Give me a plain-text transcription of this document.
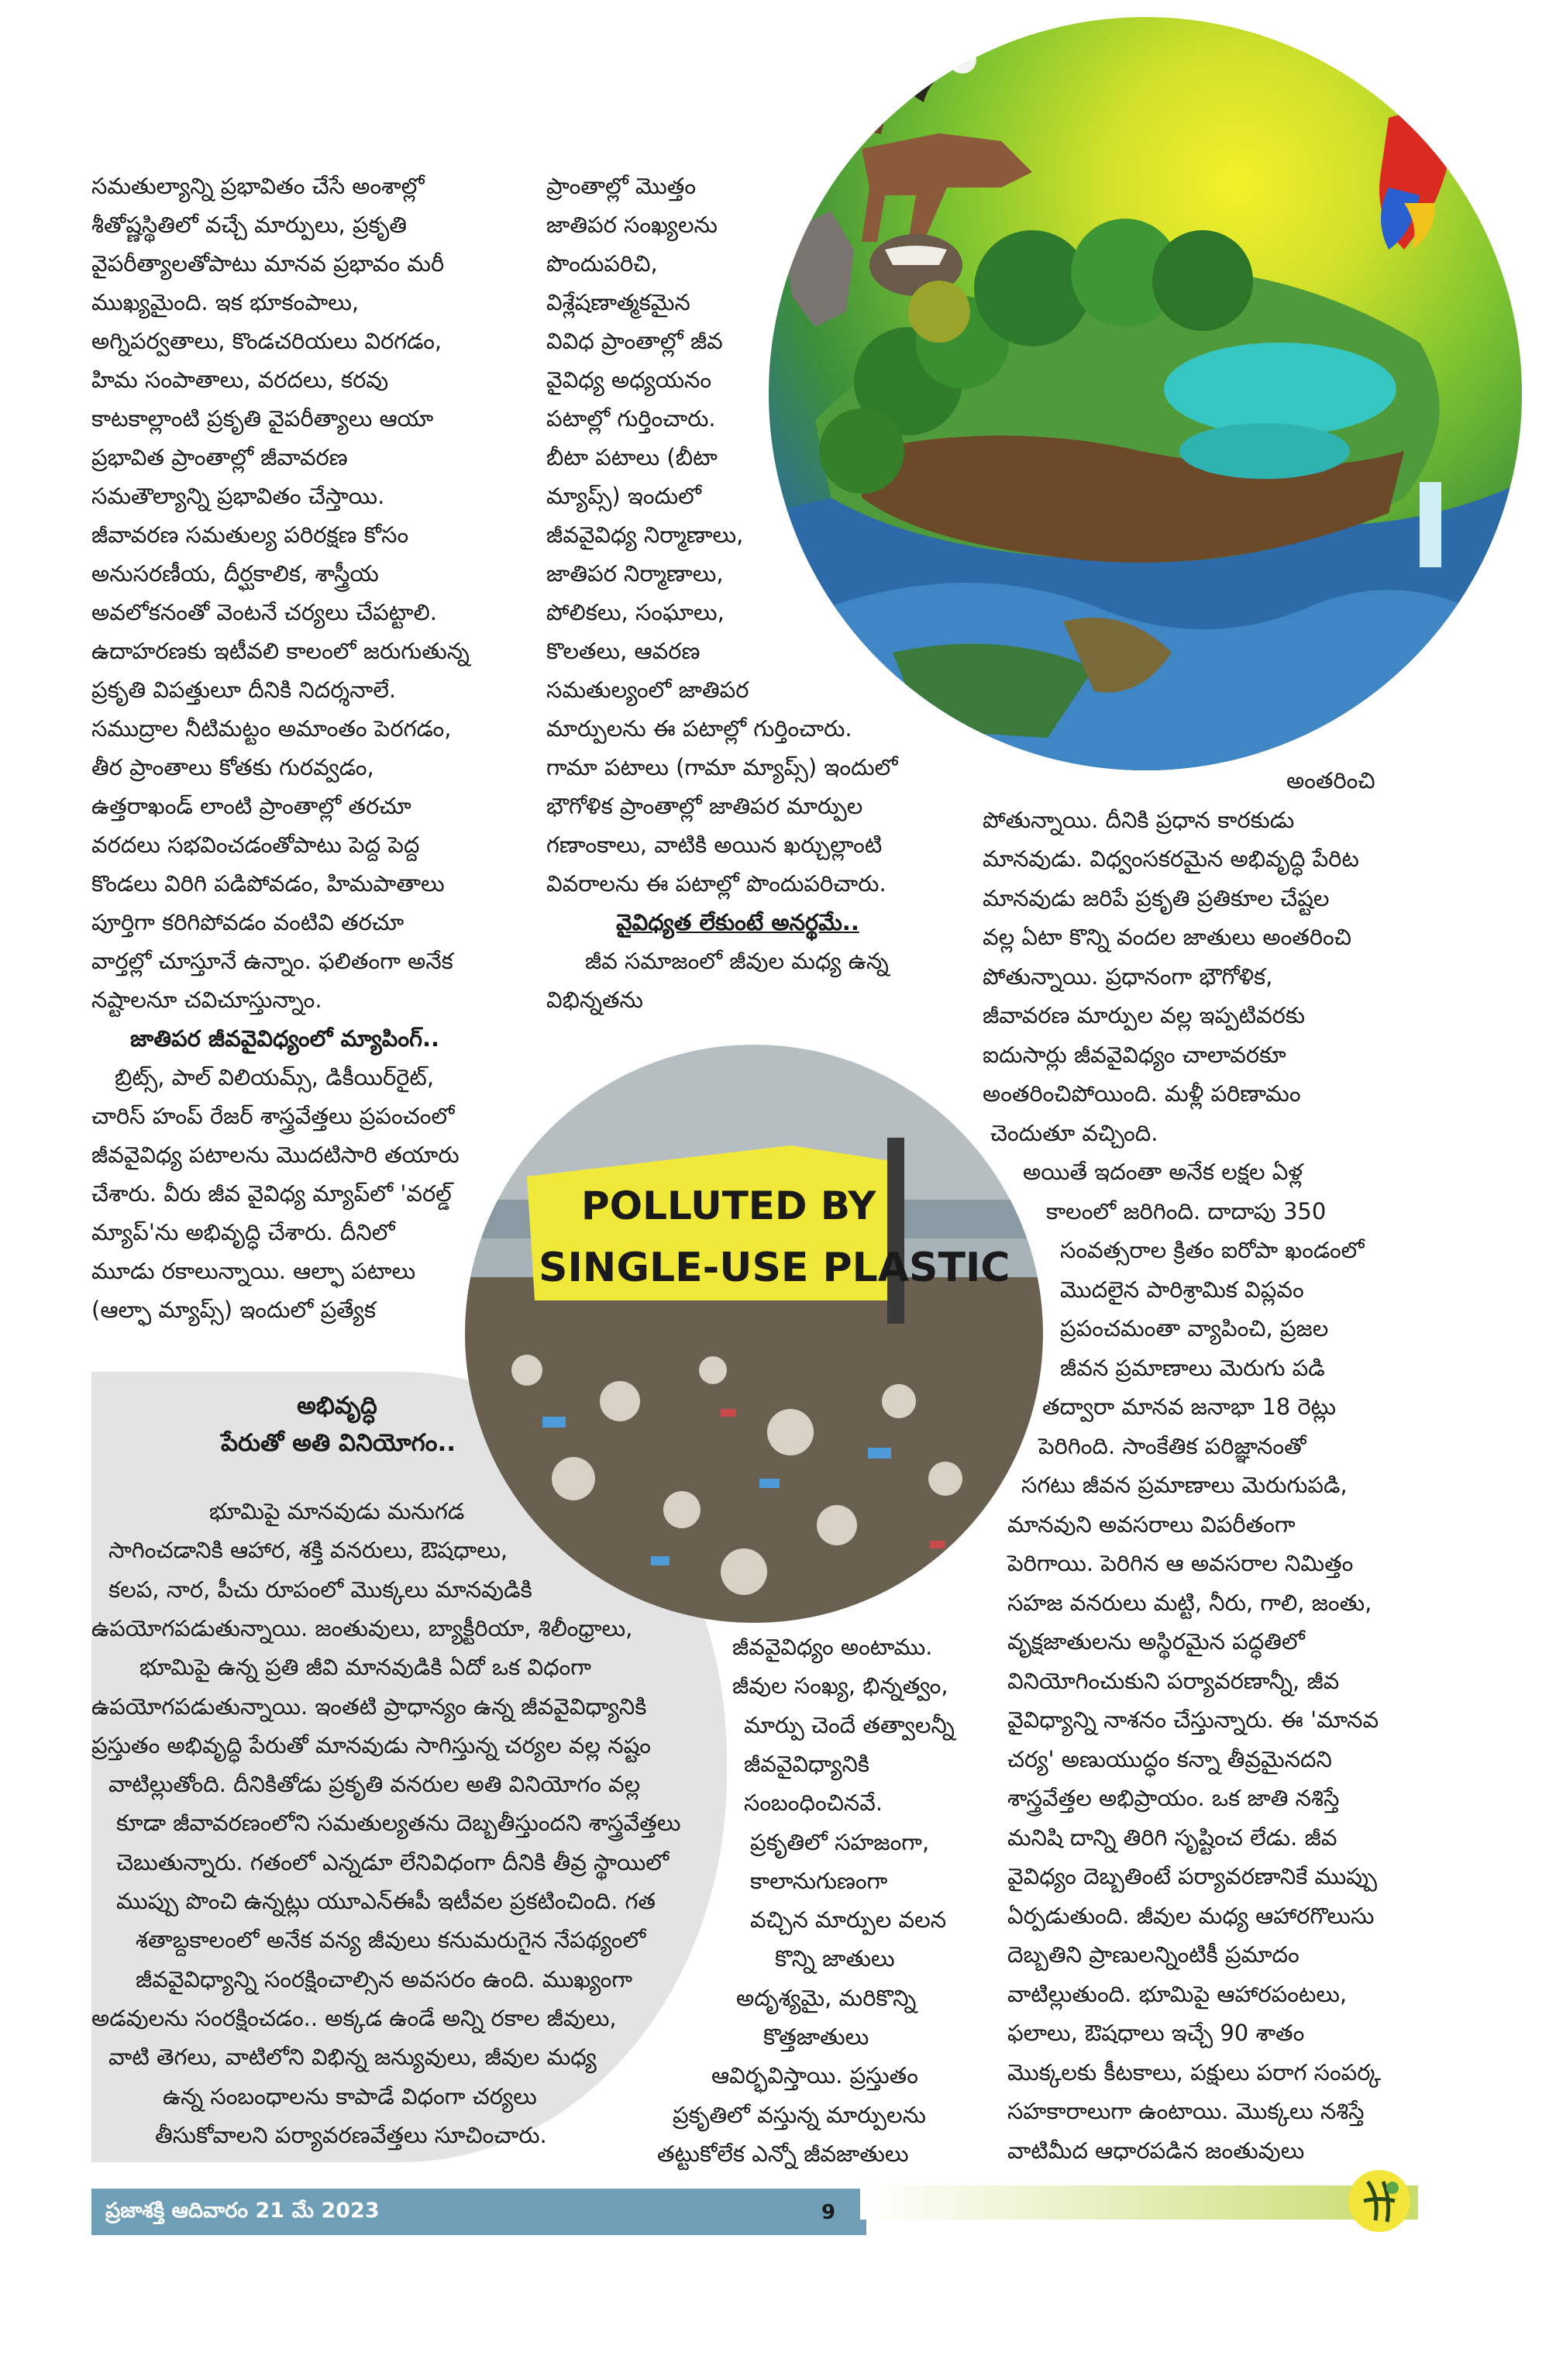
సమతుల్యాన్ని ప్రభావితం చేసే అంశాల్లో
శీతోష్ణస్థితిలో వచ్చే మార్పులు, ప్రకృతి
వైపరీత్యాలతోపాటు మానవ ప్రభావం మరీ
ముఖ్యమైంది. ఇక భూకంపాలు,
అగ్నిపర్వతాలు, కొండచరియలు విరగడం,
హిమ సంపాతాలు, వరదలు, కరవు
కాటకాల్లాంటి ప్రకృతి వైపరీత్యాలు ఆయా
ప్రభావిత ప్రాంతాల్లో జీవావరణ
సమతౌల్యాన్ని ప్రభావితం చేస్తాయి.
జీవావరణ సమతుల్య పరిరక్షణ కోసం
అనుసరణీయ, దీర్ఘకాలిక, శాస్త్రీయ
అవలోకనంతో వెంటనే చర్యలు చేపట్టాలి.
ఉదాహరణకు ఇటీవలి కాలంలో జరుగుతున్న
ప్రకృతి విపత్తులూ దీనికి నిదర్శనాలే.
సముద్రాల నీటిమట్టం అమాంతం పెరగడం,
తీర ప్రాంతాలు కోతకు గురవ్వడం,
ఉత్తరాఖండ్ లాంటి ప్రాంతాల్లో తరచూ
వరదలు సభవించడంతోపాటు పెద్ద పెద్ద
కొండలు విరిగి పడిపోవడం, హిమపాతాలు
పూర్తిగా కరిగిపోవడం వంటివి తరచూ
వార్తల్లో చూస్తూనే ఉన్నాం. ఫలితంగా అనేక
నష్టాలనూ చవిచూస్తున్నాం.
జాతిపర జీవవైవిధ్యంలో మ్యాపింగ్..
బ్రిట్స్, పాల్ విలియమ్స్, డికీయిర్‌రైట్,
చారిస్ హంప్ రేజర్ శాస్త్రవేత్తలు ప్రపంచంలో
జీవవైవిధ్య పటాలను మొదటిసారి తయారు
చేశారు. వీరు జీవ వైవిధ్య మ్యాప్‌లో 'వరల్డ్
మ్యాప్'ను అభివృద్ధి చేశారు. దీనిలో
మూడు రకాలున్నాయి. ఆల్ఫా పటాలు
(ఆల్ఫా మ్యాప్స్) ఇందులో ప్రత్యేక
ప్రాంతాల్లో మొత్తం
జాతిపర సంఖ్యలను
పొందుపరిచి,
విశ్లేషణాత్మకమైన
వివిధ ప్రాంతాల్లో జీవ
వైవిధ్య అధ్యయనం
పటాల్లో గుర్తించారు.
బీటా పటాలు (బీటా
మ్యాప్స్) ఇందులో
జీవవైవిధ్య నిర్మాణాలు,
జాతిపర నిర్మాణాలు,
పోలికలు, సంఘాలు,
కొలతలు, ఆవరణ
సమతుల్యంలో జాతిపర
మార్పులను ఈ పటాల్లో గుర్తించారు.
గామా పటాలు (గామా మ్యాప్స్) ఇందులో
భౌగోళిక ప్రాంతాల్లో జాతిపర మార్పుల
గణాంకాలు, వాటికి అయిన ఖర్చుల్లాంటి
వివరాలను ఈ పటాల్లో పొందుపరిచారు.
వైవిధ్యత లేకుంటే అనర్థమే..
జీవ సమాజంలో జీవుల మధ్య ఉన్న
విభిన్నతను
అంతరించి
పోతున్నాయి. దీనికి ప్రధాన కారకుడు
మానవుడు. విధ్వంసకరమైన అభివృద్ధి పేరిట
మానవుడు జరిపే ప్రకృతి ప్రతికూల చేష్టల
వల్ల ఏటా కొన్ని వందల జాతులు అంతరించి
పోతున్నాయి. ప్రధానంగా భౌగోళిక,
జీవావరణ మార్పుల వల్ల ఇప్పటివరకు
ఐదుసార్లు జీవవైవిధ్యం చాలావరకూ
అంతరించిపోయింది. మళ్లీ పరిణామం
చెందుతూ వచ్చింది.
అయితే ఇదంతా అనేక లక్షల ఏళ్ల
కాలంలో జరిగింది. దాదాపు 350
సంవత్సరాల క్రితం ఐరోపా ఖండంలో
మొదలైన పారిశ్రామిక విప్లవం
ప్రపంచమంతా వ్యాపించి, ప్రజల
జీవన ప్రమాణాలు మెరుగు పడి
తద్వారా మానవ జనాభా 18 రెట్లు
పెరిగింది. సాంకేతిక పరిజ్ఞానంతో
సగటు జీవన ప్రమాణాలు మెరుగుపడి,
మానవుని అవసరాలు విపరీతంగా
పెరిగాయి. పెరిగిన ఆ అవసరాల నిమిత్తం
సహజ వనరులు మట్టి, నీరు, గాలి, జంతు,
వృక్షజాతులను అస్థిరమైన పద్ధతిలో
వినియోగించుకుని పర్యావరణాన్నీ, జీవ
వైవిధ్యాన్ని నాశనం చేస్తున్నారు. ఈ 'మానవ
చర్య' అణుయుద్ధం కన్నా తీవ్రమైనదని
శాస్త్రవేత్తల అభిప్రాయం. ఒక జాతి నశిస్తే
మనిషి దాన్ని తిరిగి సృష్టించ లేడు. జీవ
వైవిధ్యం దెబ్బతింటే పర్యావరణానికే ముప్పు
ఏర్పడుతుంది. జీవుల మధ్య ఆహారగొలుసు
దెబ్బతిని ప్రాణులన్నింటికీ ప్రమాదం
వాటిల్లుతుంది. భూమిపై ఆహారపంటలు,
ఫలాలు, ఔషధాలు ఇచ్చే 90 శాతం
మొక్కలకు కీటకాలు, పక్షులు పరాగ సంపర్క
సహకారాలుగా ఉంటాయి. మొక్కలు నశిస్తే
వాటిమీద ఆధారపడిన జంతువులు
POLLUTED BY
SINGLE-USE PLASTIC
అభివృద్ధి
పేరుతో అతి వినియోగం..
భూమిపై మానవుడు మనుగడ
సాగించడానికి ఆహార, శక్తి వనరులు, ఔషధాలు,
కలప, నార, పీచు రూపంలో మొక్కలు మానవుడికి
ఉపయోగపడుతున్నాయి. జంతువులు, బ్యాక్టీరియా, శిలీంధ్రాలు,
భూమిపై ఉన్న ప్రతి జీవి మానవుడికి ఏదో ఒక విధంగా
ఉపయోగపడుతున్నాయి. ఇంతటి ప్రాధాన్యం ఉన్న జీవవైవిధ్యానికి
ప్రస్తుతం అభివృద్ధి పేరుతో మానవుడు సాగిస్తున్న చర్యల వల్ల నష్టం
వాటిల్లుతోంది. దీనికితోడు ప్రకృతి వనరుల అతి వినియోగం వల్ల
కూడా జీవావరణంలోని సమతుల్యతను దెబ్బతీస్తుందని శాస్త్రవేత్తలు
చెబుతున్నారు. గతంలో ఎన్నడూ లేనివిధంగా దీనికి తీవ్ర స్థాయిలో
ముప్పు పొంచి ఉన్నట్లు యూఎన్‌ఈపీ ఇటీవల ప్రకటించింది. గత
శతాబ్దకాలంలో అనేక వన్య జీవులు కనుమరుగైన నేపథ్యంలో
జీవవైవిధ్యాన్ని సంరక్షించాల్సిన అవసరం ఉంది. ముఖ్యంగా
అడవులను సంరక్షించడం.. అక్కడ ఉండే అన్ని రకాల జీవులు,
వాటి తెగలు, వాటిలోని విభిన్న జన్యువులు, జీవుల మధ్య
ఉన్న సంబంధాలను కాపాడే విధంగా చర్యలు
తీసుకోవాలని పర్యావరణవేత్తలు సూచించారు.
జీవవైవిధ్యం అంటాము.
జీవుల సంఖ్య, భిన్నత్వం,
మార్పు చెందే తత్వాలన్నీ
జీవవైవిధ్యానికి
సంబంధించినవే.
ప్రకృతిలో సహజంగా,
కాలానుగుణంగా
వచ్చిన మార్పుల వలన
కొన్ని జాతులు
అదృశ్యమై, మరికొన్ని
కొత్తజాతులు
ఆవిర్భవిస్తాయి. ప్రస్తుతం
ప్రకృతిలో వస్తున్న మార్పులను
తట్టుకోలేక ఎన్నో జీవజాతులు
ప్రజాశక్తి ఆదివారం 21 మే 2023	9
